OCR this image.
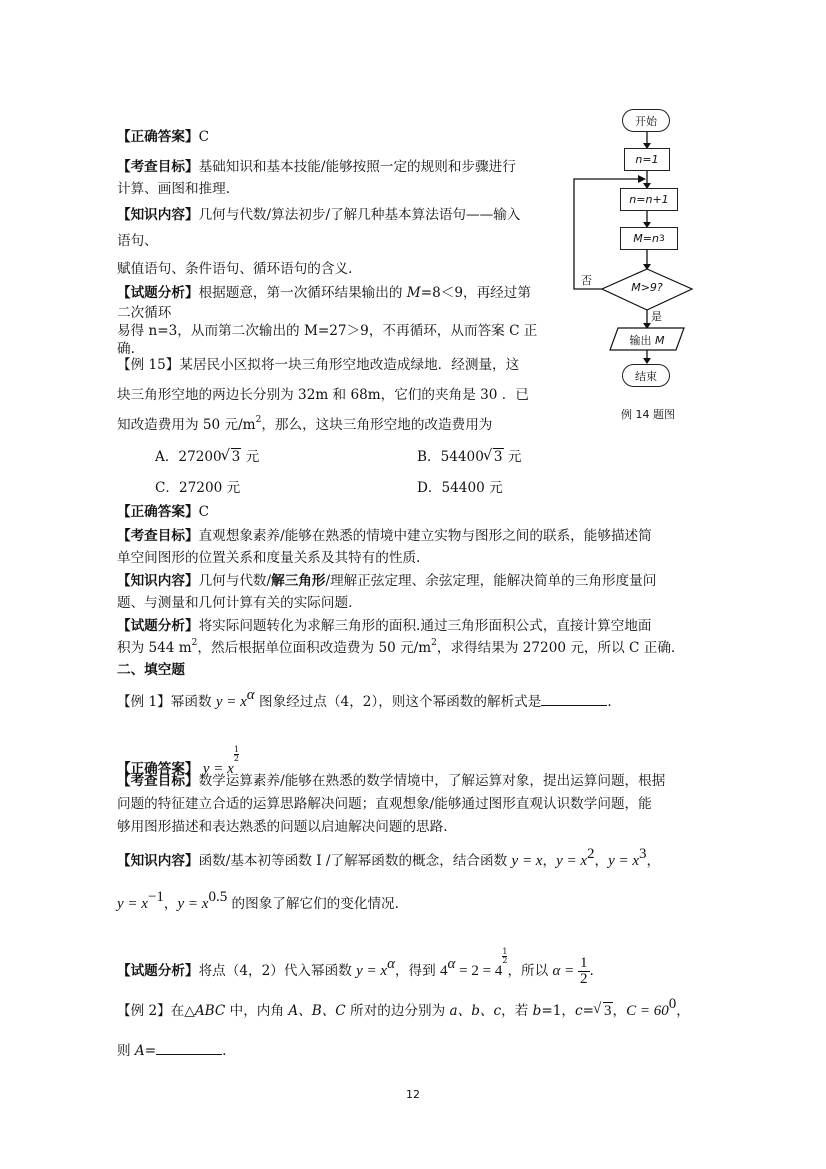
【正确答案】C
【考查目标】基础知识和基本技能/能够按照一定的规则和步骤进行
计算、画图和推理.
【知识内容】几何与代数/算法初步/了解几种基本算法语句——输入
语句、
赋值语句、条件语句、循环语句的含义.
【试题分析】根据题意，第一次循环结果输出的 M=8＜9，再经过第
二次循环
易得 n=3，从而第二次输出的 M=27＞9，不再循环，从而答案 C 正
确.
开始
n=1
n=n+1
M=n 3
M>9?
否
是
输出 M
结束
例 14 题图
【例 15】某居民小区拟将一块三角形空地改造成绿地．经测量，这
块三角形空地的两边长分别为 32m 和 68m，它们的夹角是 30 ．已
知改造费用为 50 元$/m^2$，那么，这块三角形空地的改造费用为
A．27200 √ 3 元	B．54400 √ 3 元
C．27200 元	D．54400 元
【正确答案】C
【考查目标】直观想象素养/能够在熟悉的情境中建立实物与图形之间的联系，能够描述简
单空间图形的位置关系和度量关系及其特有的性质.
【知识内容】几何与代数/解三角形/理解正弦定理、余弦定理，能解决简单的三角形度量问
题、与测量和几何计算有关的实际问题.
【试题分析】将实际问题转化为求解三角形的面积.通过三角形面积公式，直接计算空地面
积为 544 $m^2$，然后根据单位面积改造费为 50 元$/m^2$，求得结果为 27200 元，所以 C 正确.
二、填空题
【例 1】幂函数 $y = x^\alpha$ 图象经过点（4，2），则这个幂函数的解析式是	.
【正确答案】 y = x
$\frac{1}{2}$
【考查目标】数学运算素养/能够在熟悉的数学情境中，了解运算对象，提出运算问题，根据
问题的特征建立合适的运算思路解决问题；直观想象/能够通过图形直观认识数学问题，能
够用图形描述和表达熟悉的问题以启迪解决问题的思路.
【知识内容】函数/基本初等函数 I /了解幂函数的概念，结合函数 y = x，$y = x^2$，$y = x^3$，
$y = x^{-1}$，$y = x^{0.5}$ 的图象了解它们的变化情况.
【试题分析】将点（4，2）代入幂函数 $y = x^\alpha$，得到 $4^\alpha = 2 = 4$
$\frac{1}{2}$
，所以 $\alpha = \frac{1}{2}$ .
【例 2】在△ABC 中，内角 A、B、C 所对的边分别为 a、b、c，若 b=1，c= √ 3，$C = 60^0$，
则 A=	.
12
